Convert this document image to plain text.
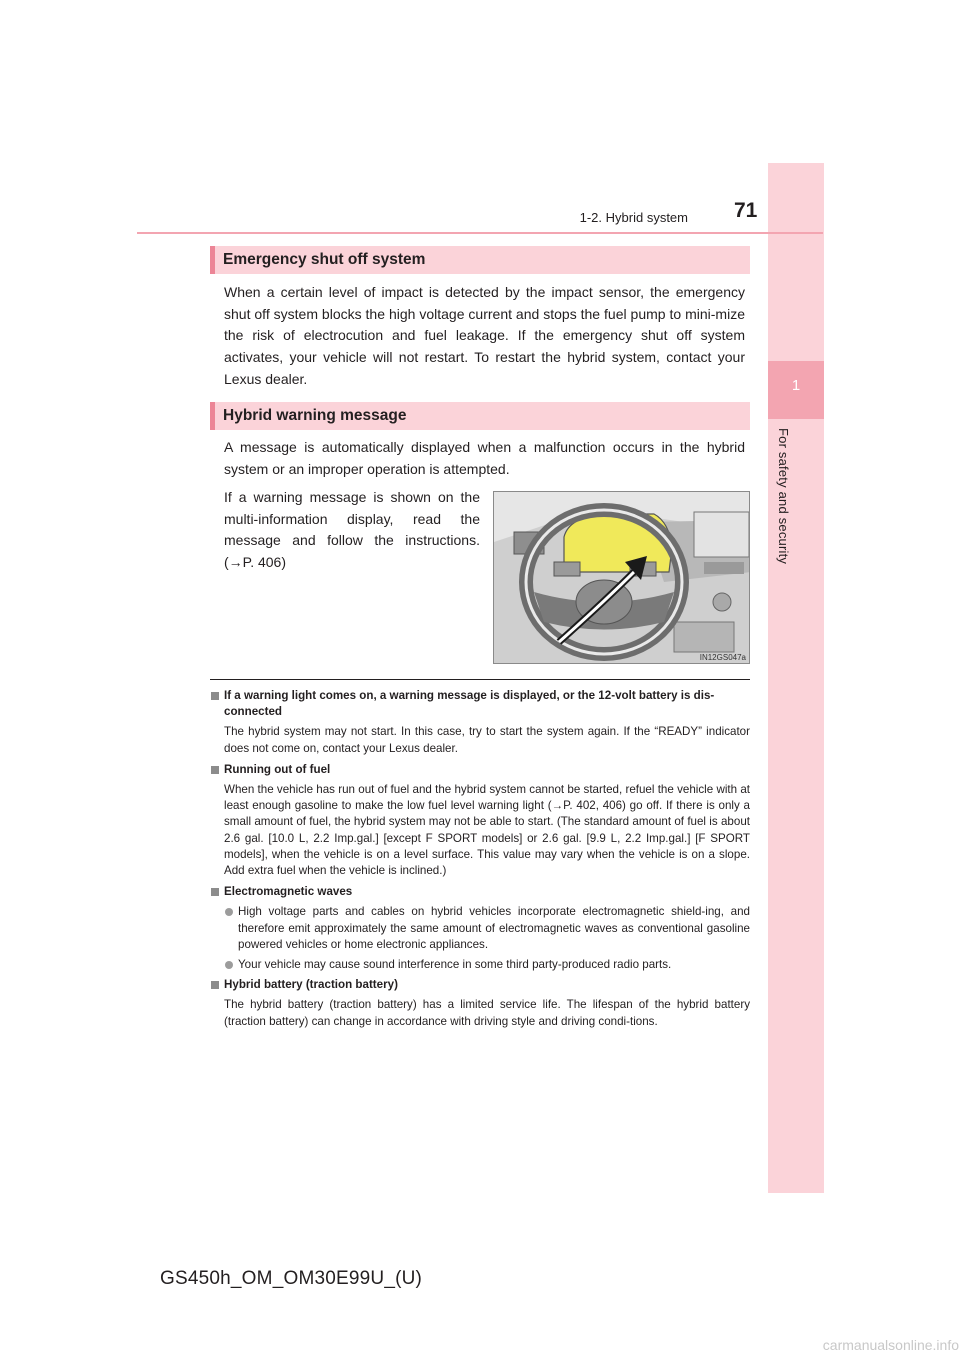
1
For safety and security
1-2. Hybrid system 71
Emergency shut off system

When a certain level of impact is detected by the impact sensor, the emergency shut off system blocks the high voltage current and stops the fuel pump to mini-mize the risk of electrocution and fuel leakage. If the emergency shut off system activates, your vehicle will not restart. To restart the hybrid system, contact your Lexus dealer.

Hybrid warning message

A message is automatically displayed when a malfunction occurs in the hybrid system or an improper operation is attempted.

If a warning message is shown on the multi-information display, read the message and follow the instructions. (→P. 406)

IN12GS047a
If a warning light comes on, a warning message is displayed, or the 12-volt battery is dis-connected
The hybrid system may not start. In this case, try to start the system again. If the “READY” indicator does not come on, contact your Lexus dealer.
Running out of fuel
When the vehicle has run out of fuel and the hybrid system cannot be started, refuel the vehicle with at least enough gasoline to make the low fuel level warning light (→P. 402, 406) go off. If there is only a small amount of fuel, the hybrid system may not be able to start. (The standard amount of fuel is about 2.6 gal. [10.0 L, 2.2 Imp.gal.] [except F SPORT models] or 2.6 gal. [9.9 L, 2.2 Imp.gal.] [F SPORT models], when the vehicle is on a level surface. This value may vary when the vehicle is on a slope. Add extra fuel when the vehicle is inclined.)
Electromagnetic waves
High voltage parts and cables on hybrid vehicles incorporate electromagnetic shield-ing, and therefore emit approximately the same amount of electromagnetic waves as conventional gasoline powered vehicles or home electronic appliances.
Your vehicle may cause sound interference in some third party-produced radio parts.
Hybrid battery (traction battery)
The hybrid battery (traction battery) has a limited service life. The lifespan of the hybrid battery (traction battery) can change in accordance with driving style and driving condi-tions.
GS450h_OM_OM30E99U_(U)
carmanualsonline.info
